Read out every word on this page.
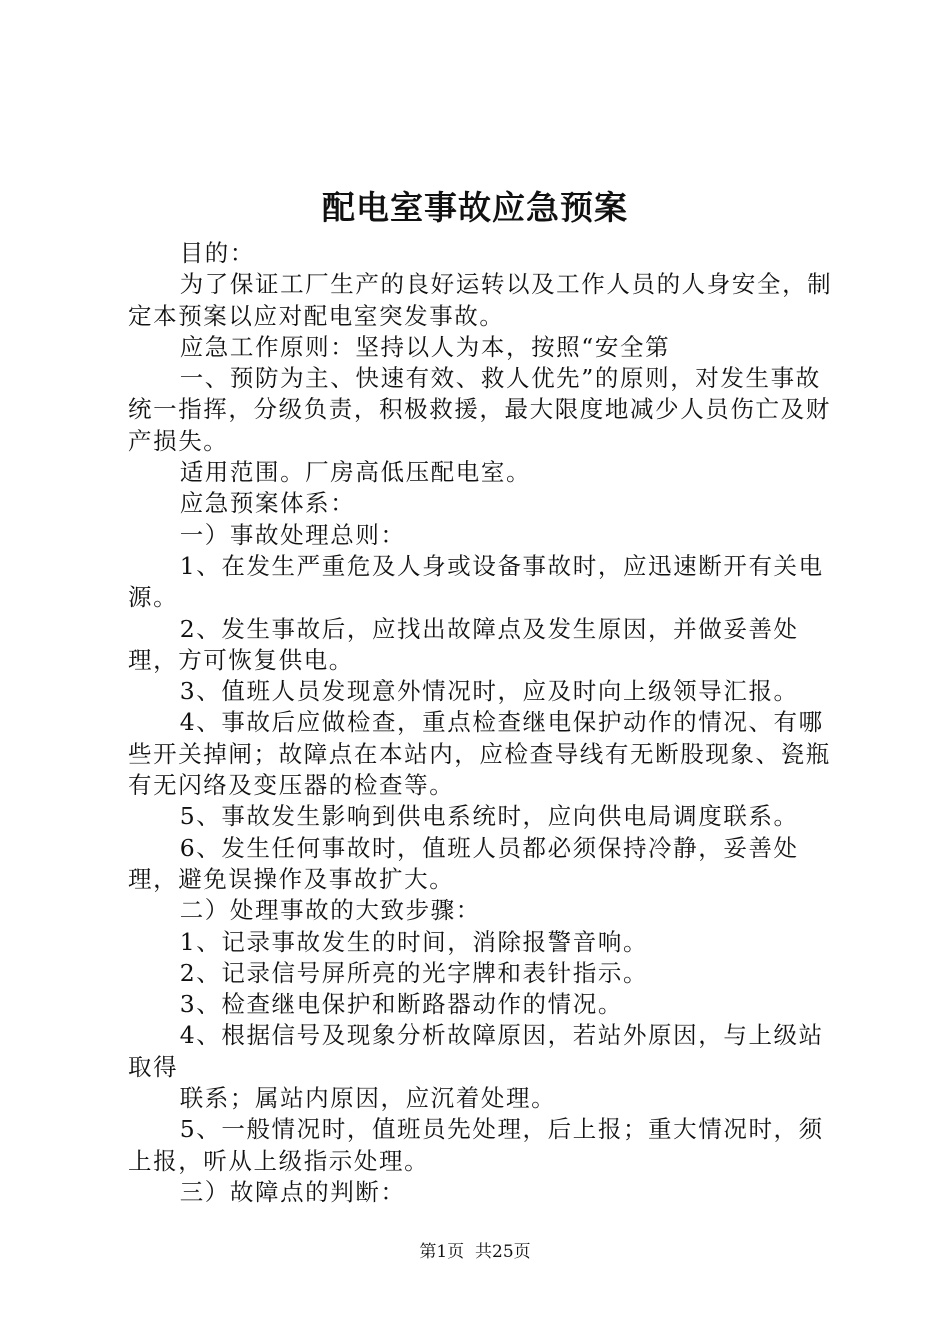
配电室事故应急预案

目的：

为了保证工厂生产的良好运转以及工作人员的人身安全，制定本预案以应对配电室突发事故。

应急工作原则：坚持以人为本，按照“安全第

一、预防为主、快速有效、救人优先”的原则，对发生事故统一指挥，分级负责，积极救援，最大限度地减少人员伤亡及财产损失。

适用范围。厂房高低压配电室。

应急预案体系：

一）事故处理总则：

1、在发生严重危及人身或设备事故时，应迅速断开有关电源。

2、发生事故后，应找出故障点及发生原因，并做妥善处理，方可恢复供电。

3、值班人员发现意外情况时，应及时向上级领导汇报。

4、事故后应做检查，重点检查继电保护动作的情况、有哪些开关掉闸；故障点在本站内，应检查导线有无断股现象、瓷瓶有无闪络及变压器的检查等。

5、事故发生影响到供电系统时，应向供电局调度联系。

6、发生任何事故时，值班人员都必须保持冷静，妥善处理，避免误操作及事故扩大。

二）处理事故的大致步骤：

1、记录事故发生的时间，消除报警音响。

2、记录信号屏所亮的光字牌和表针指示。

3、检查继电保护和断路器动作的情况。

4、根据信号及现象分析故障原因，若站外原因，与上级站取得

联系；属站内原因，应沉着处理。

5、一般情况时，值班员先处理，后上报；重大情况时，须上报，听从上级指示处理。

三）故障点的判断：

第1页 共25页
